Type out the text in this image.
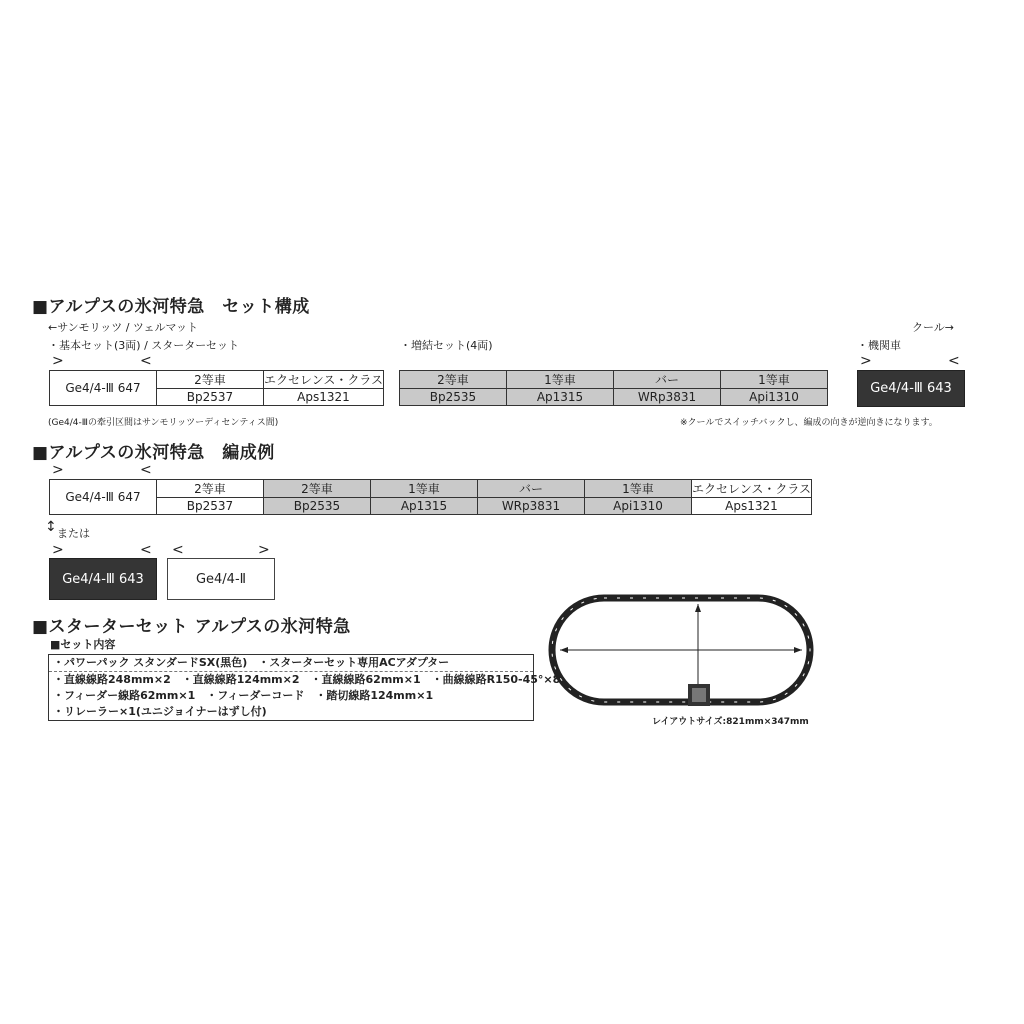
■アルプスの氷河特急　セット構成
←サンモリッツ / ツェルマット	クール→
・基本セット(3両) / スターターセット	・増結セット(4両)	・機関車
>	<
Ge4/4-Ⅲ 647	2等車	エクセレンス・クラス
	Bp2537	Aps1321
2等車	1等車	バー	1等車
Bp2535	Ap1315	WRp3831	Api1310
>	<
Ge4/4-Ⅲ 643
(Ge4/4-Ⅲの牽引区間はサンモリッツーディセンティス間)	※クールでスイッチバックし、編成の向きが逆向きになります。
■アルプスの氷河特急　編成例
>	<
Ge4/4-Ⅲ 647	2等車	2等車	1等車	バー	1等車	エクセレンス・クラス
	Bp2537	Bp2535	Ap1315	WRp3831	Api1310	Aps1321
↕ または
>	<
Ge4/4-Ⅲ 643
<	>
Ge4/4-Ⅱ
■スターターセット アルプスの氷河特急
■セット内容
・パワーパック スタンダードSX(黒色)　・スターターセット専用ACアダプター
・直線線路248mm×2　・直線線路124mm×2　・直線線路62mm×1　・曲線線路R150-45°×8
・フィーダー線路62mm×1　・フィーダーコード　・踏切線路124mm×1
・リレーラー×1(ユニジョイナーはずし付)
レイアウトサイズ:821mm×347mm
